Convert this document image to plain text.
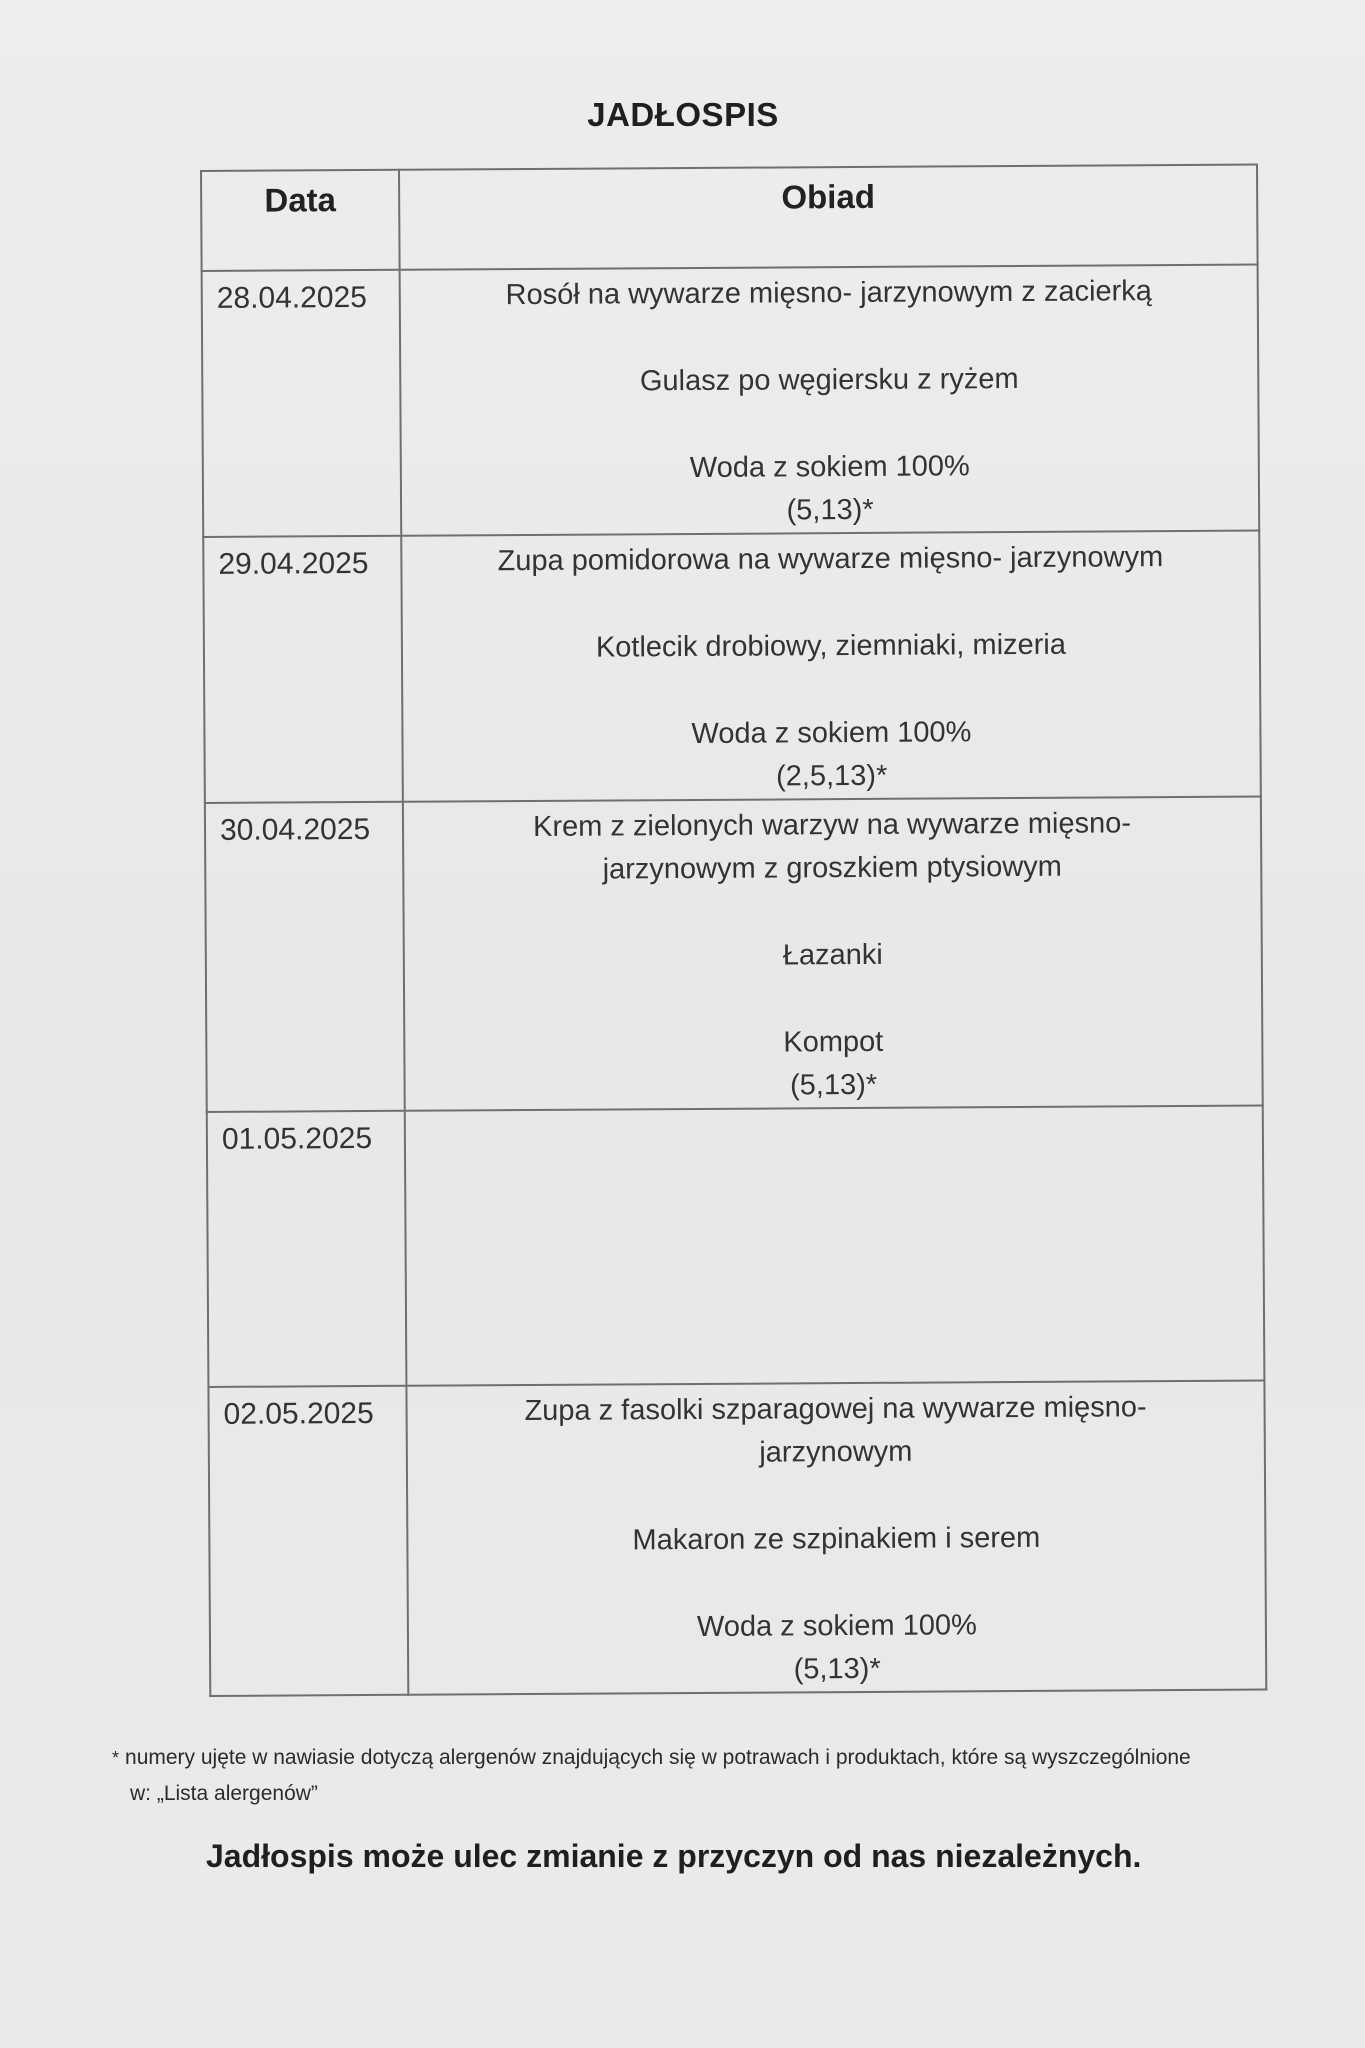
JADŁOSPIS
Data	Obiad
28.04.2025	Rosół na wywarze mięsno- jarzynowym z zacierką
Gulasz po węgiersku z ryżem
Woda z sokiem 100%
(5,13)*

29.04.2025	Zupa pomidorowa na wywarze mięsno- jarzynowym
Kotlecik drobiowy, ziemniaki, mizeria
Woda z sokiem 100%
(2,5,13)*

30.04.2025	Krem z zielonych warzyw na wywarze mięsno-
jarzynowym z groszkiem ptysiowym
Łazanki
Kompot
(5,13)*

01.05.2025	
02.05.2025	Zupa z fasolki szparagowej na wywarze mięsno-
jarzynowym
Makaron ze szpinakiem i serem
Woda z sokiem 100%
(5,13)*
* numery ujęte w nawiasie dotyczą alergenów znajdujących się w potrawach i produktach, które są wyszczególnione
w: „Lista alergenów”
Jadłospis może ulec zmianie z przyczyn od nas niezależnych.
